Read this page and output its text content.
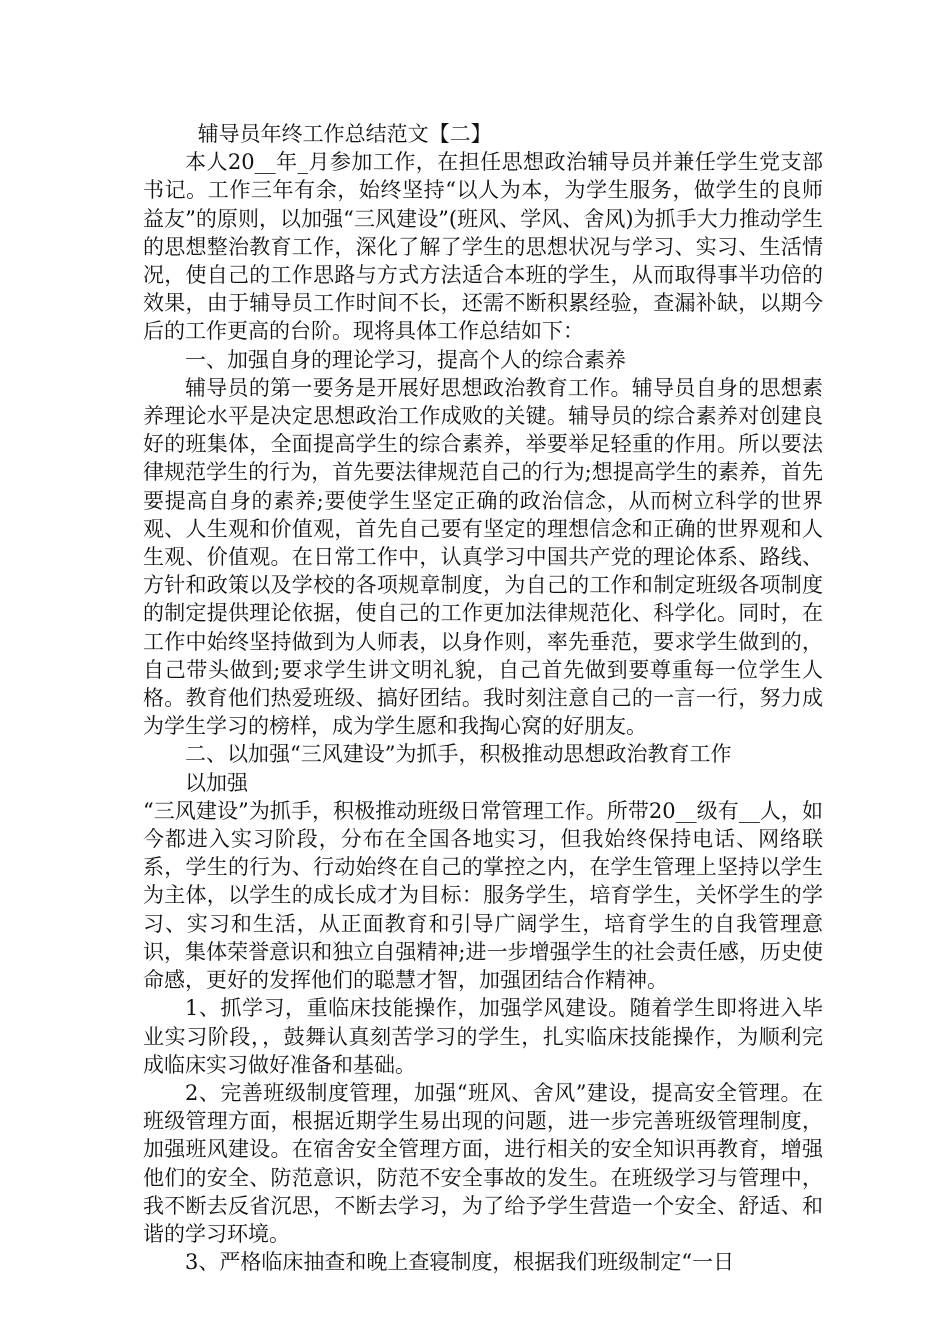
辅导员年终工作总结范文【二】

本人20__年_月参加工作，在担任思想政治辅导员并兼任学生党支部书记。工作三年有余，始终坚持“以人为本，为学生服务，做学生的良师益友”的原则，以加强“三风建设”(班风、学风、舍风)为抓手大力推动学生的思想整治教育工作，深化了解了学生的思想状况与学习、实习、生活情况，使自己的工作思路与方式方法适合本班的学生，从而取得事半功倍的效果，由于辅导员工作时间不长，还需不断积累经验，查漏补缺，以期今后的工作更高的台阶。现将具体工作总结如下：

一、加强自身的理论学习，提高个人的综合素养

辅导员的第一要务是开展好思想政治教育工作。辅导员自身的思想素养理论水平是决定思想政治工作成败的关键。辅导员的综合素养对创建良好的班集体，全面提高学生的综合素养，举要举足轻重的作用。所以要法律规范学生的行为，首先要法律规范自己的行为;想提高学生的素养，首先要提高自身的素养;要使学生坚定正确的政治信念，从而树立科学的世界观、人生观和价值观，首先自己要有坚定的理想信念和正确的世界观和人生观、价值观。在日常工作中，认真学习中国共产党的理论体系、路线、方针和政策以及学校的各项规章制度，为自己的工作和制定班级各项制度的制定提供理论依据，使自己的工作更加法律规范化、科学化。同时，在工作中始终坚持做到为人师表，以身作则，率先垂范，要求学生做到的，自己带头做到;要求学生讲文明礼貌，自己首先做到要尊重每一位学生人格。教育他们热爱班级、搞好团结。我时刻注意自己的一言一行，努力成为学生学习的榜样，成为学生愿和我掏心窝的好朋友。

二、以加强“三风建设”为抓手，积极推动思想政治教育工作

以加强

“三风建设”为抓手，积极推动班级日常管理工作。所带20__级有__人，如今都进入实习阶段，分布在全国各地实习，但我始终保持电话、网络联系，学生的行为、行动始终在自己的掌控之内，在学生管理上坚持以学生为主体，以学生的成长成才为目标：服务学生，培育学生，关怀学生的学习、实习和生活，从正面教育和引导广阔学生，培育学生的自我管理意识，集体荣誉意识和独立自强精神;进一步增强学生的社会责任感，历史使命感，更好的发挥他们的聪慧才智，加强团结合作精神。

1、抓学习，重临床技能操作，加强学风建设。随着学生即将进入毕业实习阶段，，鼓舞认真刻苦学习的学生，扎实临床技能操作，为顺利完成临床实习做好准备和基础。

2、完善班级制度管理，加强“班风、舍风”建设，提高安全管理。在班级管理方面，根据近期学生易出现的问题，进一步完善班级管理制度，加强班风建设。在宿舍安全管理方面，进行相关的安全知识再教育，增强他们的安全、防范意识，防范不安全事故的发生。在班级学习与管理中，我不断去反省沉思，不断去学习，为了给予学生营造一个安全、舒适、和谐的学习环境。

3、严格临床抽查和晚上查寝制度，根据我们班级制定“一日
